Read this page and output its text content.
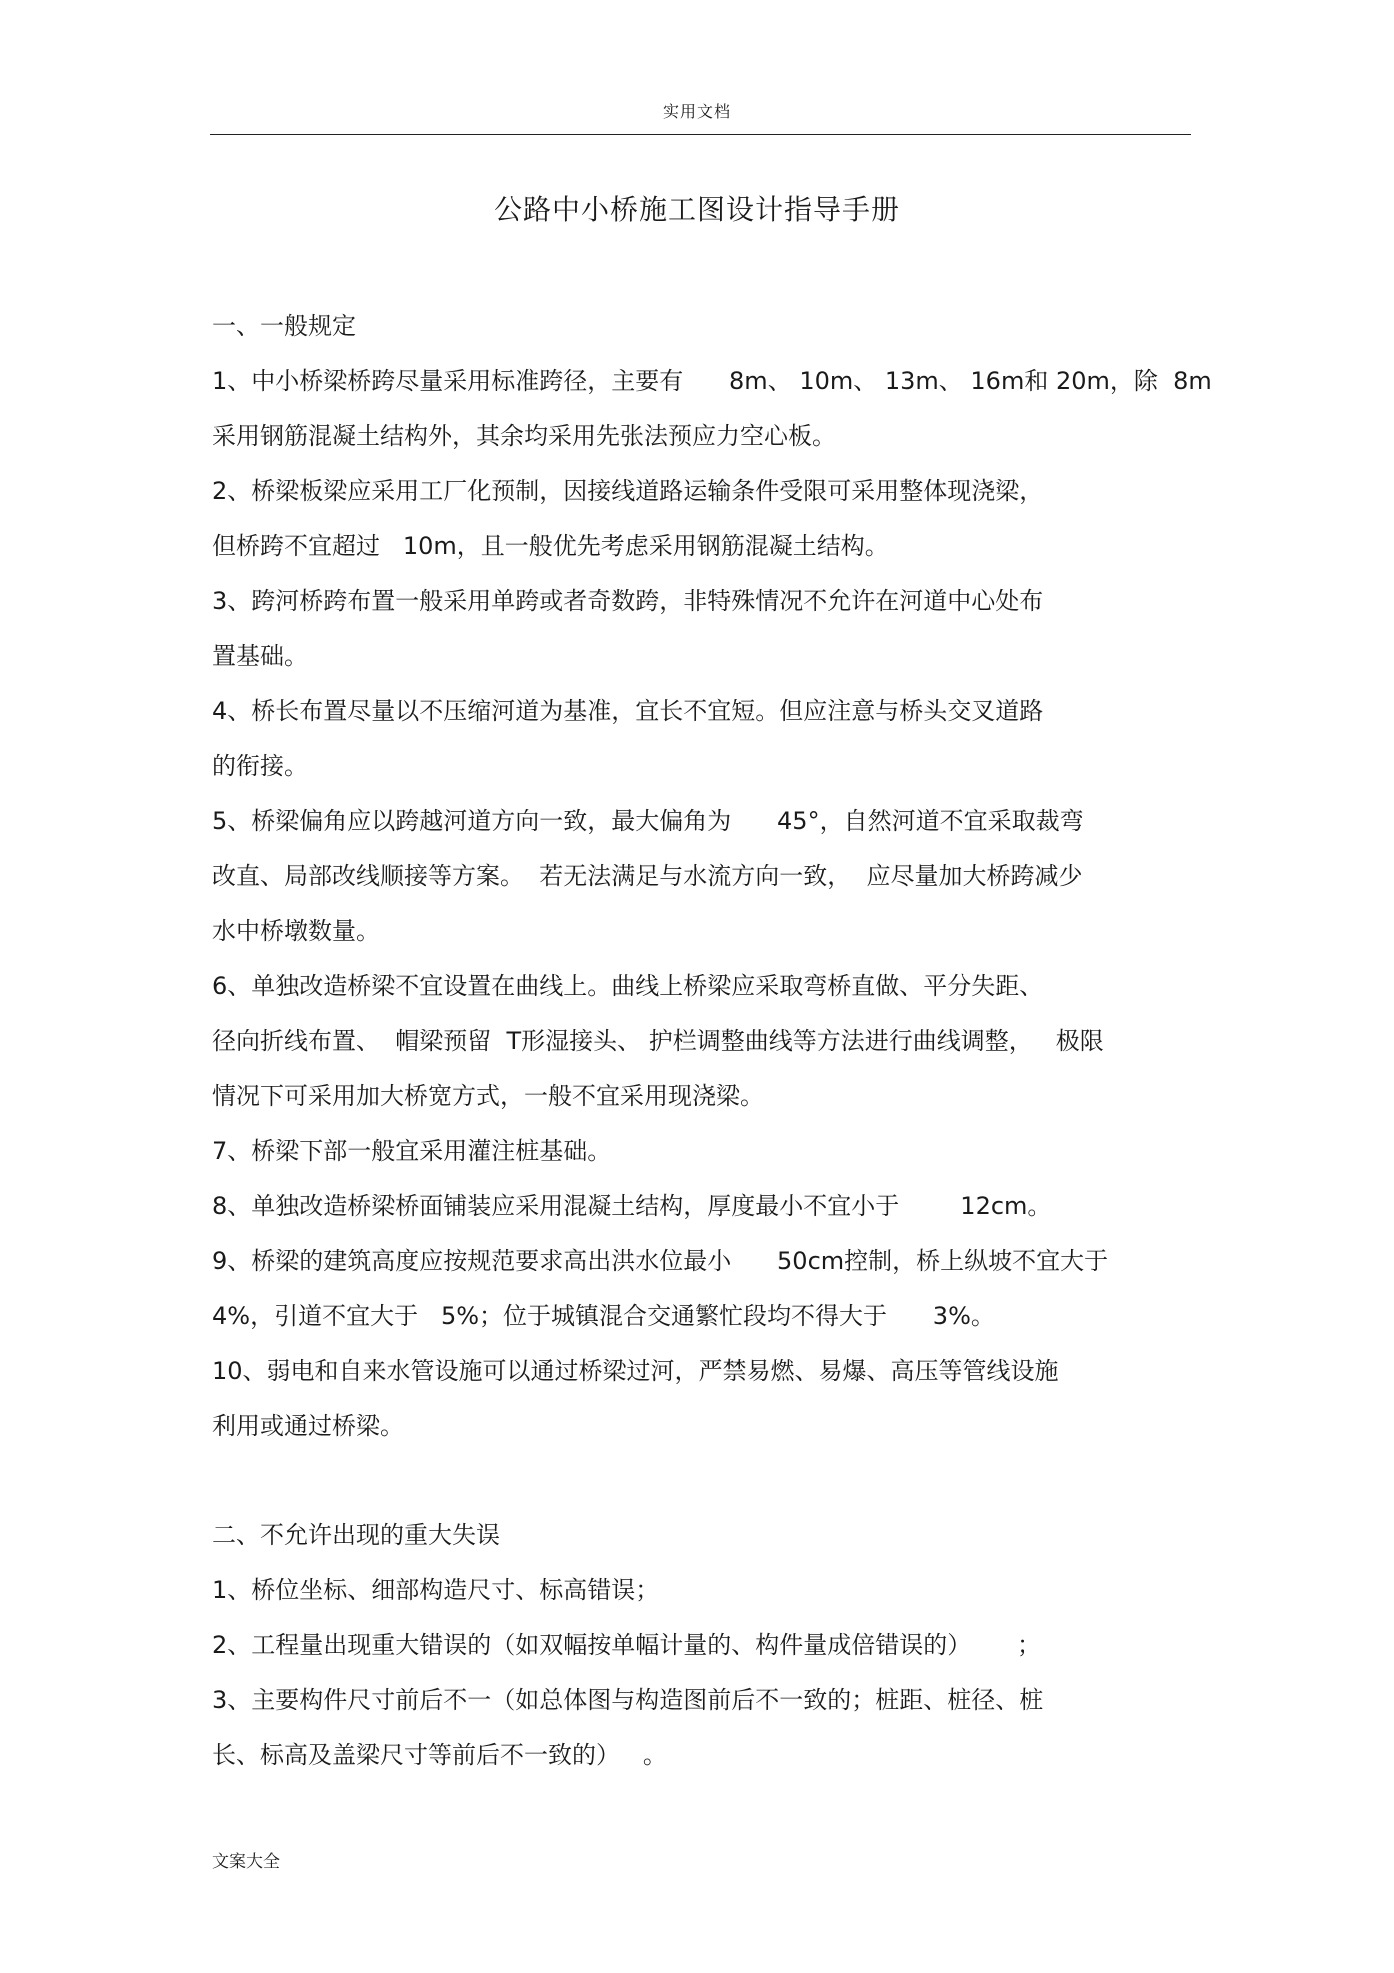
实用文档
公路中小桥施工图设计指导手册
一、一般规定
1、中小桥梁桥跨尽量采用标准跨径，主要有      8m、 10m、 13m、 16m和 20m，除  8m
采用钢筋混凝土结构外，其余均采用先张法预应力空心板。
2、桥梁板梁应采用工厂化预制，因接线道路运输条件受限可采用整体现浇梁，
但桥跨不宜超过   10m，且一般优先考虑采用钢筋混凝土结构。
3、跨河桥跨布置一般采用单跨或者奇数跨，非特殊情况不允许在河道中心处布
置基础。
4、桥长布置尽量以不压缩河道为基准，宜长不宜短。但应注意与桥头交叉道路
的衔接。
5、桥梁偏角应以跨越河道方向一致，最大偏角为      45°，自然河道不宜采取裁弯
改直、局部改线顺接等方案。  若无法满足与水流方向一致，  应尽量加大桥跨减少
水中桥墩数量。
6、单独改造桥梁不宜设置在曲线上。曲线上桥梁应采取弯桥直做、平分失距、
径向折线布置、  帽梁预留  T形湿接头、 护栏调整曲线等方法进行曲线调整，   极限
情况下可采用加大桥宽方式，一般不宜采用现浇梁。
7、桥梁下部一般宜采用灌注桩基础。
8、单独改造桥梁桥面铺装应采用混凝土结构，厚度最小不宜小于        12cm。
9、桥梁的建筑高度应按规范要求高出洪水位最小      50cm控制，桥上纵坡不宜大于
4%，引道不宜大于   5%；位于城镇混合交通繁忙段均不得大于      3%。
10、弱电和自来水管设施可以通过桥梁过河，严禁易燃、易爆、高压等管线设施
利用或通过桥梁。
二、不允许出现的重大失误
1、桥位坐标、细部构造尺寸、标高错误；
2、工程量出现重大错误的（如双幅按单幅计量的、构件量成倍错误的）      ；
3、主要构件尺寸前后不一（如总体图与构造图前后不一致的；桩距、桩径、桩
长、标高及盖梁尺寸等前后不一致的）   。
文案大全
